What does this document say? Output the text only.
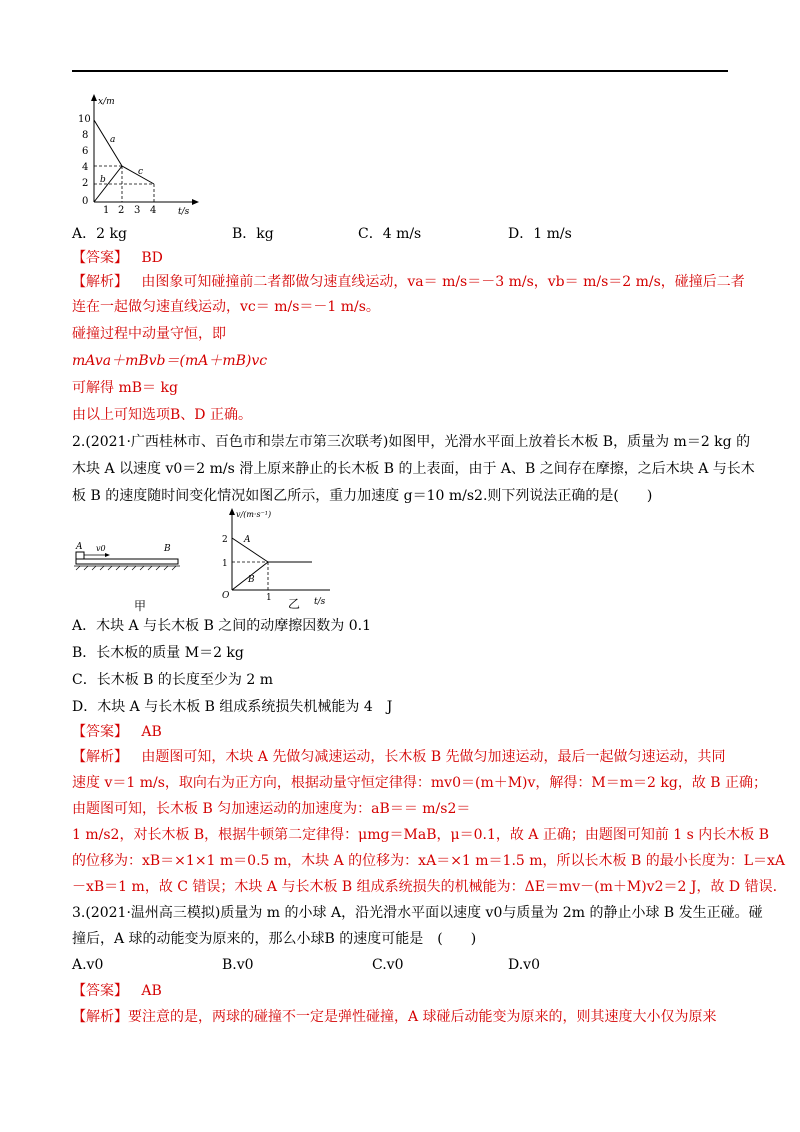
x/m
t/s
10
8
6
4
2
0
1 2 3 4
a
b
c
A．2 kg	B．kg	C．4 m/s	D．1 m/s
【答案】 BD
【解析】 由图象可知碰撞前二者都做匀速直线运动，va＝ m/s＝－3 m/s，vb＝ m/s＝2 m/s，碰撞后二者
连在一起做匀速直线运动，vc＝ m/s＝－1 m/s。
碰撞过程中动量守恒，即
mAva＋mBvb＝(mA＋mB)vc
可解得 mB＝ kg
由以上可知选项B、D 正确。
2.(2021·广西桂林市、百色市和崇左市第三次联考)如图甲，光滑水平面上放着长木板 B，质量为 m＝2 kg 的
木块 A 以速度 v0＝2 m/s 滑上原来静止的长木板 B 的上表面，由于 A、B 之间存在摩擦，之后木块 A 与长木
板 B 的速度随时间变化情况如图乙所示，重力加速度 g＝10 m/s2.则下列说法正确的是(　　)
A v0	B
甲
v/(m·s⁻¹)
t/s
2
1
1
O
A
B
乙
A．木块 A 与长木板 B 之间的动摩擦因数为 0.1
B．长木板的质量 M＝2 kg
C．长木板 B 的长度至少为 2 m
D．木块 A 与长木板 B 组成系统损失机械能为 4　J
【答案】 AB
【解析】 由题图可知，木块 A 先做匀减速运动，长木板 B 先做匀加速运动，最后一起做匀速运动，共同
速度 v＝1 m/s，取向右为正方向，根据动量守恒定律得：mv0＝(m＋M)v，解得：M＝m＝2 kg，故 B 正确；
由题图可知，长木板 B 匀加速运动的加速度为：aB＝＝ m/s2＝
1 m/s2，对长木板 B，根据牛顿第二定律得：μmg＝MaB，μ＝0.1，故 A 正确；由题图可知前 1 s 内长木板 B
的位移为：xB＝×1×1 m＝0.5 m，木块 A 的位移为：xA＝×1 m＝1.5 m，所以长木板 B 的最小长度为：L＝xA
－xB＝1 m，故 C 错误；木块 A 与长木板 B 组成系统损失的机械能为：ΔE＝mv－(m＋M)v2＝2 J，故 D 错误.
3.(2021·温州高三模拟)质量为 m 的小球 A，沿光滑水平面以速度 v0与质量为 2m 的静止小球 B 发生正碰。碰
撞后，A 球的动能变为原来的，那么小球B 的速度可能是　(　　)
A.v0	B.v0	C.v0	D.v0
【答案】 AB
【解析】要注意的是，两球的碰撞不一定是弹性碰撞，A 球碰后动能变为原来的，则其速度大小仅为原来
